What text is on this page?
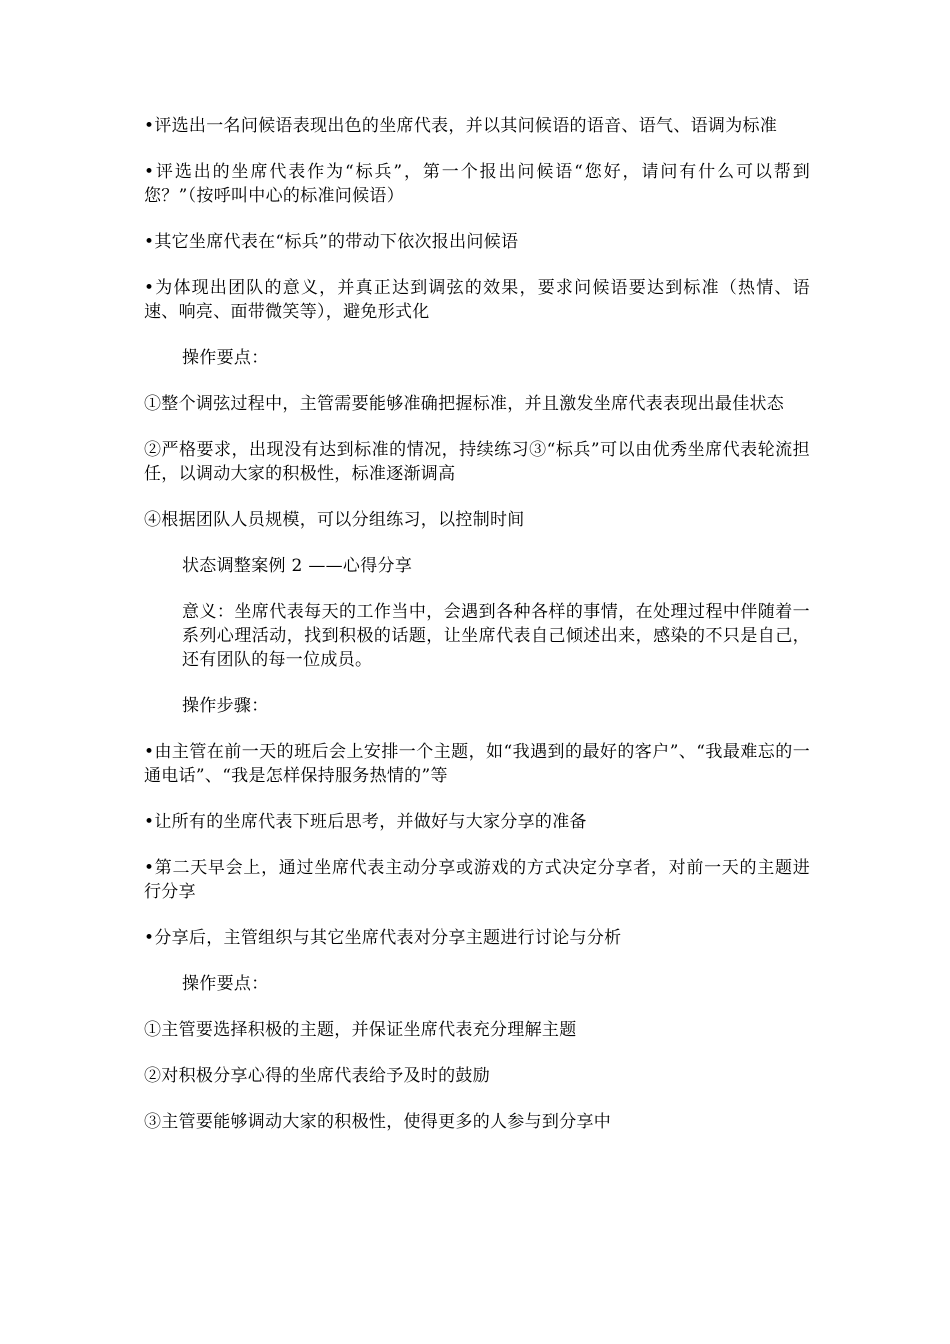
•评选出一名问候语表现出色的坐席代表，并以其问候语的语音、语气、语调为标准

•评选出的坐席代表作为“标兵”，第一个报出问候语“您好，请问有什么可以帮到您？”（按呼叫中心的标准问候语）

•其它坐席代表在“标兵”的带动下依次报出问候语

•为体现出团队的意义，并真正达到调弦的效果，要求问候语要达到标准（热情、语速、响亮、面带微笑等），避免形式化

操作要点：

①整个调弦过程中，主管需要能够准确把握标准，并且激发坐席代表表现出最佳状态

②严格要求，出现没有达到标准的情况，持续练习③“标兵”可以由优秀坐席代表轮流担任，以调动大家的积极性，标准逐渐调高

④根据团队人员规模，可以分组练习，以控制时间

状态调整案例 2 ——心得分享

意义：坐席代表每天的工作当中，会遇到各种各样的事情，在处理过程中伴随着一系列心理活动，找到积极的话题，让坐席代表自己倾述出来，感染的不只是自己，还有团队的每一位成员。

操作步骤：

•由主管在前一天的班后会上安排一个主题，如“我遇到的最好的客户”、“我最难忘的一通电话”、“我是怎样保持服务热情的”等

•让所有的坐席代表下班后思考，并做好与大家分享的准备

•第二天早会上，通过坐席代表主动分享或游戏的方式决定分享者，对前一天的主题进行分享

•分享后，主管组织与其它坐席代表对分享主题进行讨论与分析

操作要点：

①主管要选择积极的主题，并保证坐席代表充分理解主题

②对积极分享心得的坐席代表给予及时的鼓励

③主管要能够调动大家的积极性，使得更多的人参与到分享中
